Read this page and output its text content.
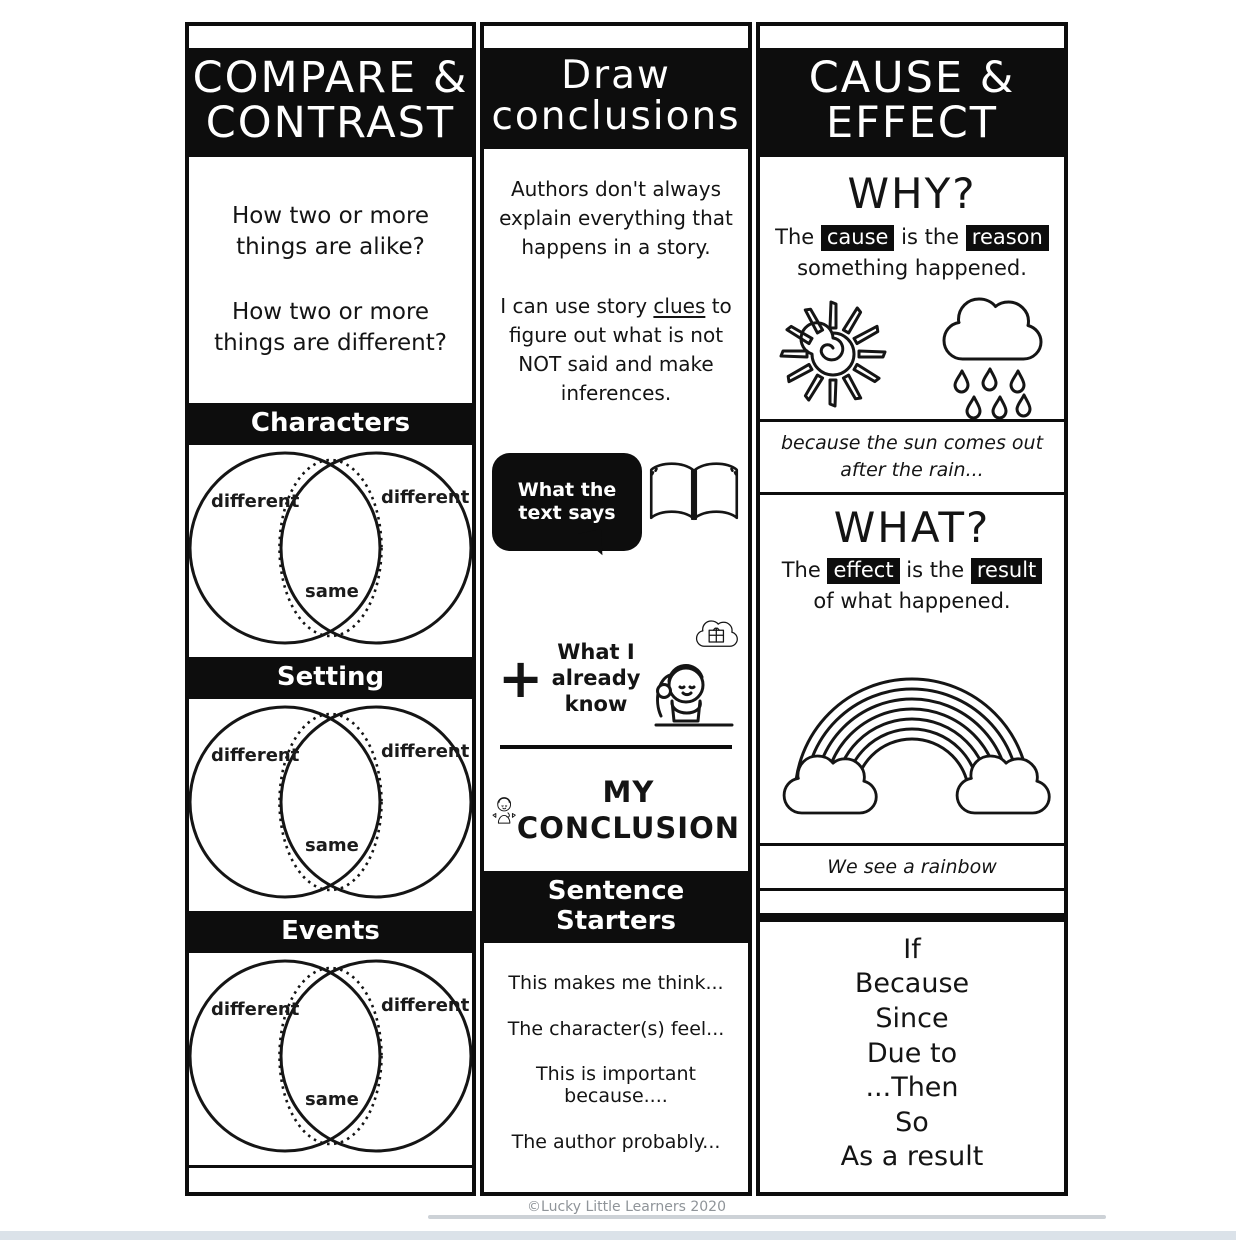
COMPARE &
CONTRAST

How two or more things are alike?

How two or more things are different?

Characters
different	different
same
Setting
different	different
same
Events
different	different
same
Draw
conclusions

Authors don't always explain everything that happens in a story.

I can use story clues to figure out what is not NOT said and make inferences.

What the text says
+ What I already know
MY
CONCLUSION
Sentence Starters
This makes me think...
The character(s) feel...
This is important because....
The author probably...
CAUSE &
EFFECT
WHY?
The cause is the reason
something happened.
because the sun comes out after the rain...
WHAT?
The effect is the result
of what happened.
We see a rainbow
If
Because
Since
Due to
...Then
So
As a result
©Lucky Little Learners 2020
